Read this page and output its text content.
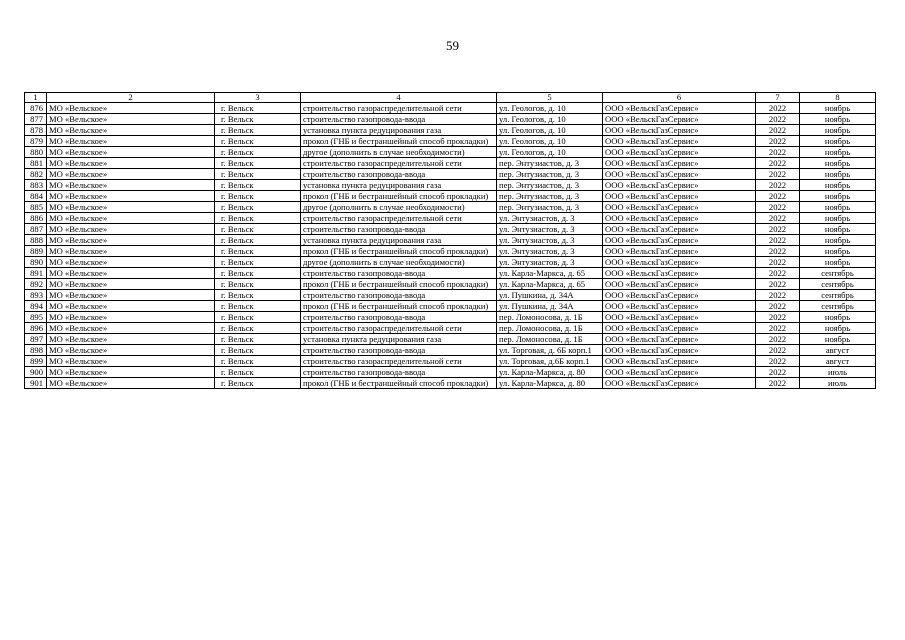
59
1	2	3	4	5	6	7	8
876	МО «Вельское»	г. Вельск	строительство газораспределительной сети	ул. Геологов, д. 10	ООО «ВельскГазСервис»	2022	ноябрь
877	МО «Вельское»	г. Вельск	строительство газопровода-ввода	ул. Геологов, д. 10	ООО «ВельскГазСервис»	2022	ноябрь
878	МО «Вельское»	г. Вельск	установка пункта редуцирования газа	ул. Геологов, д. 10	ООО «ВельскГазСервис»	2022	ноябрь
879	МО «Вельское»	г. Вельск	прокол (ГНБ и бестраншейный способ прокладки)	ул. Геологов, д. 10	ООО «ВельскГазСервис»	2022	ноябрь
880	МО «Вельское»	г. Вельск	другое (дополнить в случае необходимости)	ул. Геологов, д. 10	ООО «ВельскГазСервис»	2022	ноябрь
881	МО «Вельское»	г. Вельск	строительство газораспределительной сети	пер. Энтузиастов, д. 3	ООО «ВельскГазСервис»	2022	ноябрь
882	МО «Вельское»	г. Вельск	строительство газопровода-ввода	пер. Энтузиастов, д. 3	ООО «ВельскГазСервис»	2022	ноябрь
883	МО «Вельское»	г. Вельск	установка пункта редуцирования газа	пер. Энтузиастов, д. 3	ООО «ВельскГазСервис»	2022	ноябрь
884	МО «Вельское»	г. Вельск	прокол (ГНБ и бестраншейный способ прокладки)	пер. Энтузиастов, д. 3	ООО «ВельскГазСервис»	2022	ноябрь
885	МО «Вельское»	г. Вельск	другое (дополнить в случае необходимости)	пер. Энтузиастов, д. 3	ООО «ВельскГазСервис»	2022	ноябрь
886	МО «Вельское»	г. Вельск	строительство газораспределительной сети	ул. Энтузиастов, д. 3	ООО «ВельскГазСервис»	2022	ноябрь
887	МО «Вельское»	г. Вельск	строительство газопровода-ввода	ул. Энтузиастов, д. 3	ООО «ВельскГазСервис»	2022	ноябрь
888	МО «Вельское»	г. Вельск	установка пункта редуцирования газа	ул. Энтузиастов, д. 3	ООО «ВельскГазСервис»	2022	ноябрь
889	МО «Вельское»	г. Вельск	прокол (ГНБ и бестраншейный способ прокладки)	ул. Энтузиастов, д. 3	ООО «ВельскГазСервис»	2022	ноябрь
890	МО «Вельское»	г. Вельск	другое (дополнить в случае необходимости)	ул. Энтузиастов, д. 3	ООО «ВельскГазСервис»	2022	ноябрь
891	МО «Вельское»	г. Вельск	строительство газопровода-ввода	ул. Карла-Маркса, д. 65	ООО «ВельскГазСервис»	2022	сентябрь
892	МО «Вельское»	г. Вельск	прокол (ГНБ и бестраншейный способ прокладки)	ул. Карла-Маркса, д. 65	ООО «ВельскГазСервис»	2022	сентябрь
893	МО «Вельское»	г. Вельск	строительство газопровода-ввода	ул. Пушкина, д. 34А	ООО «ВельскГазСервис»	2022	сентябрь
894	МО «Вельское»	г. Вельск	прокол (ГНБ и бестраншейный способ прокладки)	ул. Пушкина, д. 34А	ООО «ВельскГазСервис»	2022	сентябрь
895	МО «Вельское»	г. Вельск	строительство газопровода-ввода	пер. Ломоносова, д. 1Б	ООО «ВельскГазСервис»	2022	ноябрь
896	МО «Вельское»	г. Вельск	строительство газораспределительной сети	пер. Ломоносова, д. 1Б	ООО «ВельскГазСервис»	2022	ноябрь
897	МО «Вельское»	г. Вельск	установка пункта редуцирования газа	пер. Ломоносова, д. 1Б	ООО «ВельскГазСервис»	2022	ноябрь
898	МО «Вельское»	г. Вельск	строительство газопровода-ввода	ул. Торговая, д. 6Б корп.1	ООО «ВельскГазСервис»	2022	август
899	МО «Вельское»	г. Вельск	строительство газораспределительной сети	ул. Торговая, д.6Б корп.1	ООО «ВельскГазСервис»	2022	август
900	МО «Вельское»	г. Вельск	строительство газопровода-ввода	ул. Карла-Маркса, д. 80	ООО «ВельскГазСервис»	2022	июль
901	МО «Вельское»	г. Вельск	прокол (ГНБ и бестраншейный способ прокладки)	ул. Карла-Маркса, д. 80	ООО «ВельскГазСервис»	2022	июль
